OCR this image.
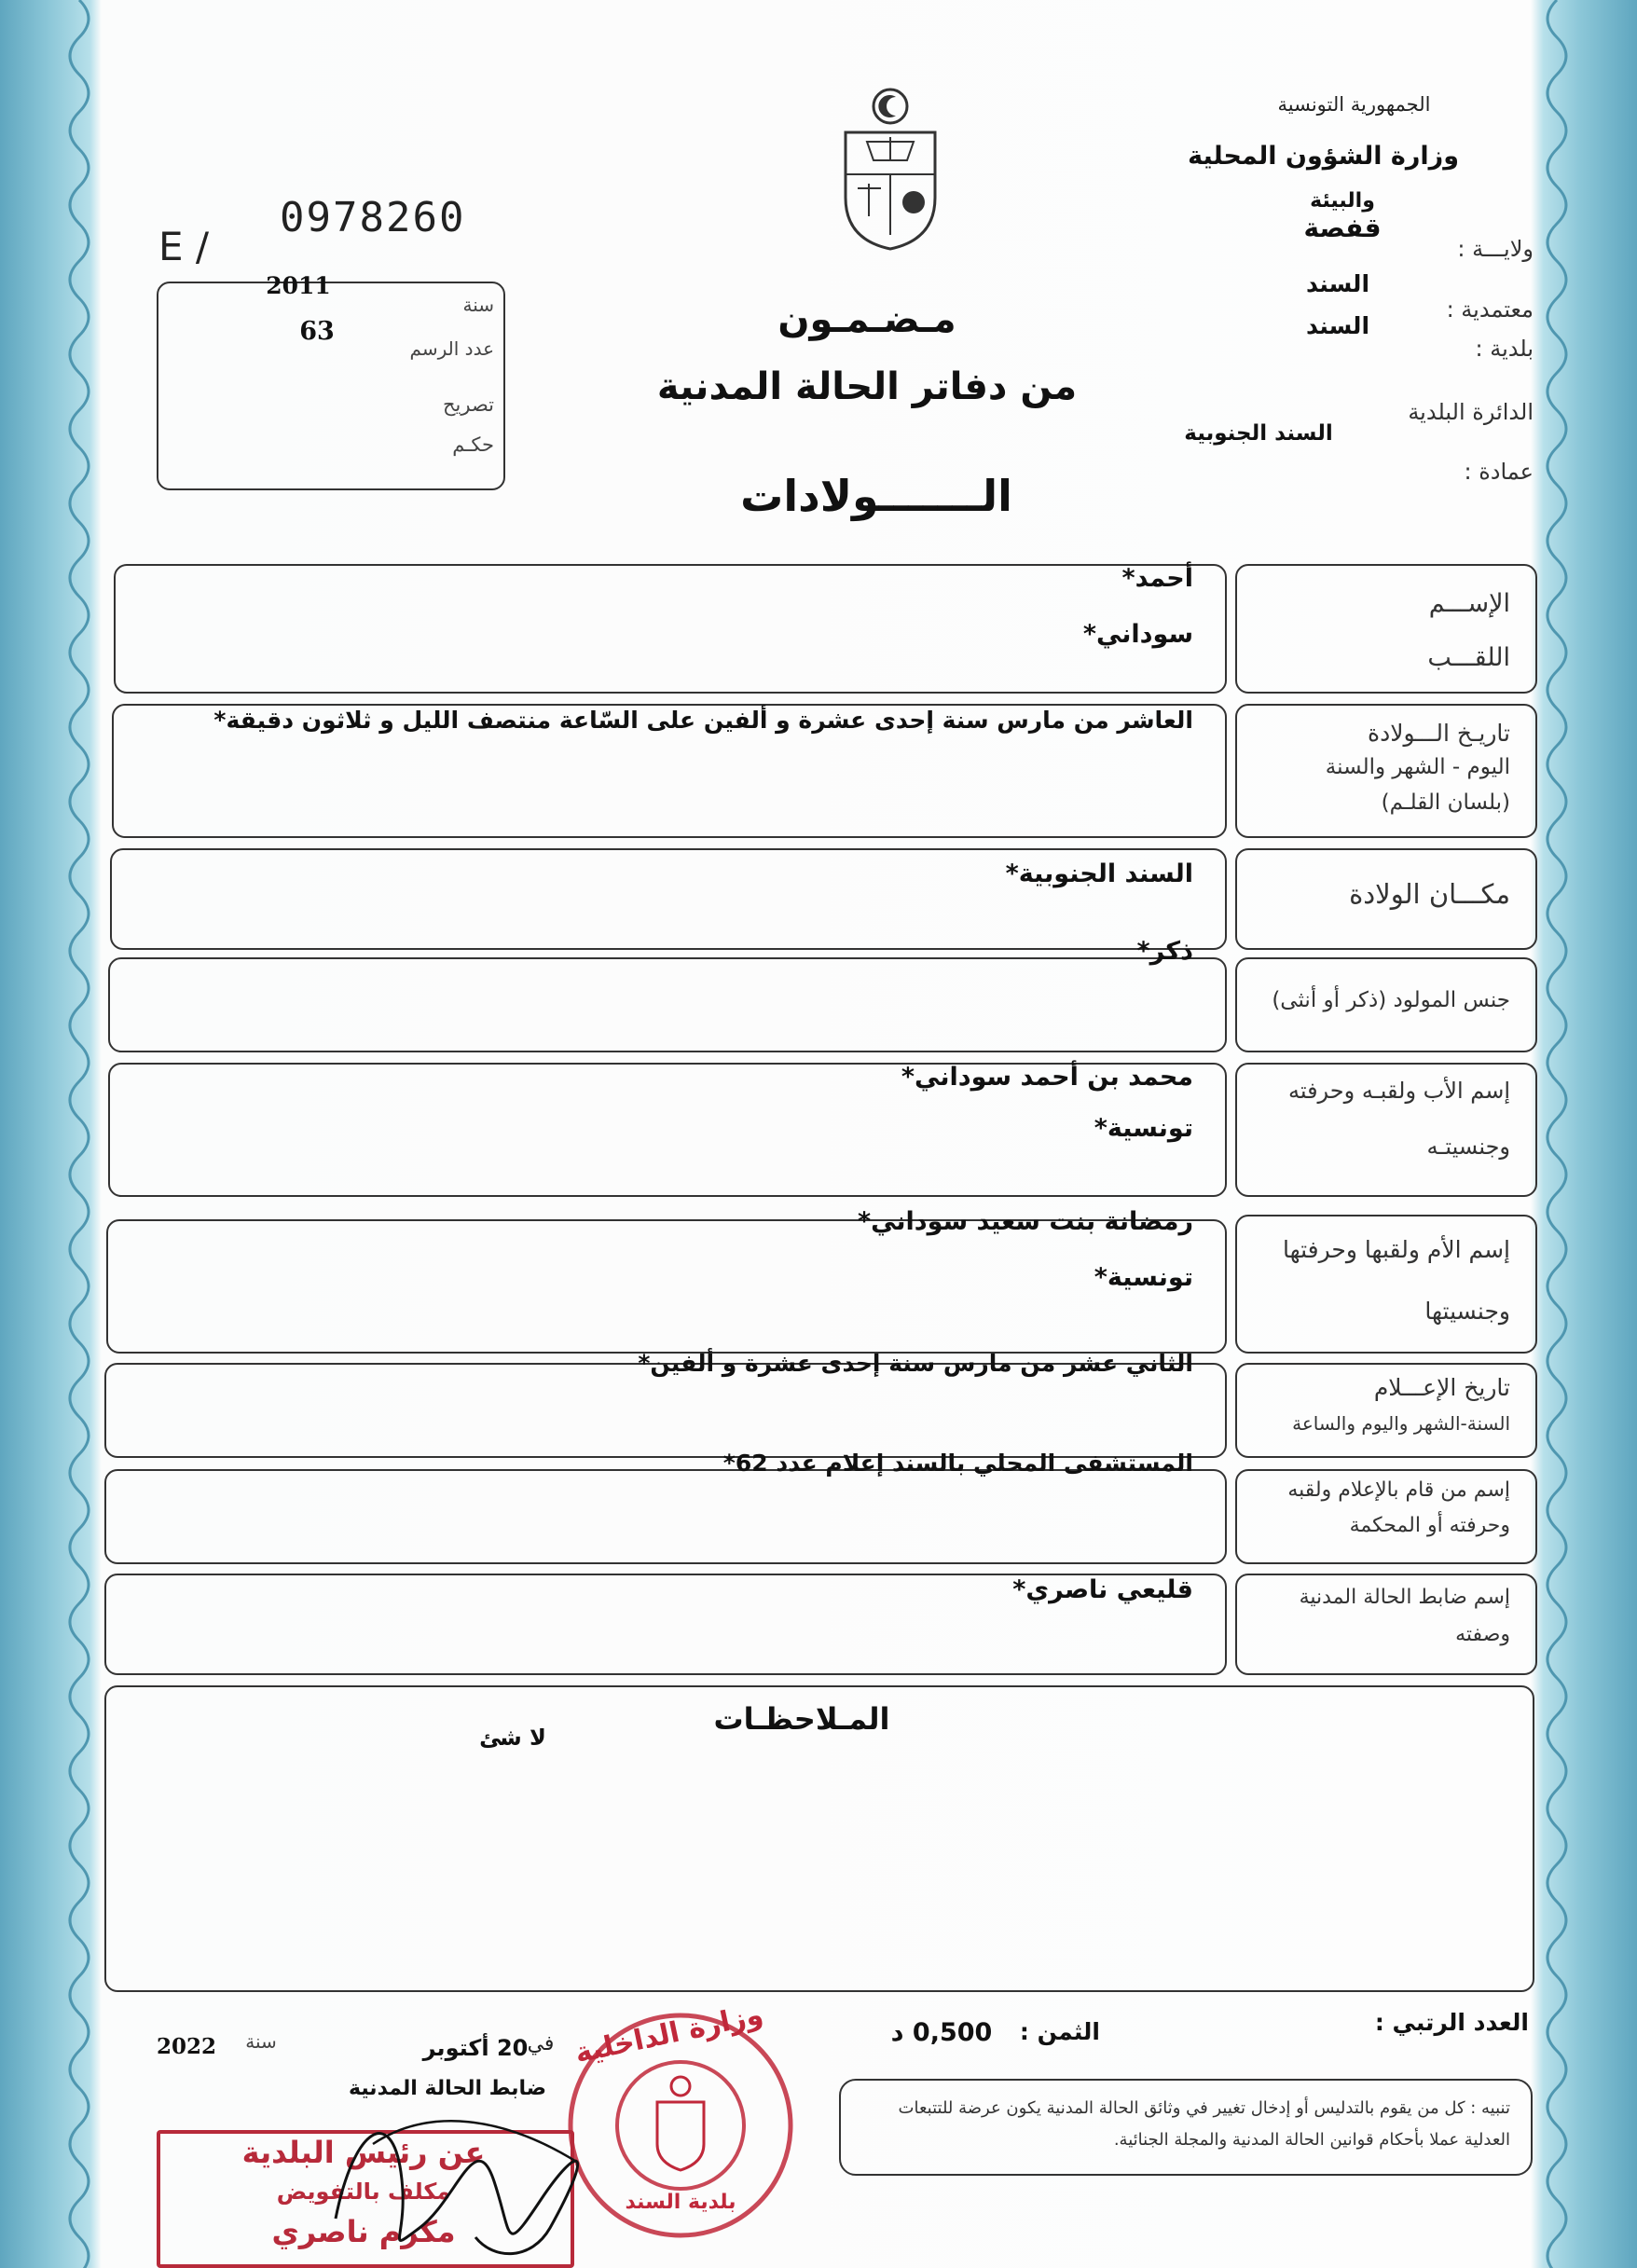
الجمهورية التونسية
وزارة الشؤون المحلية
والبيئة
ولايـــة :
قفصة
معتمدية :
السند
بلدية :
السند
الدائرة البلدية
السند الجنوبية
عمادة :
E /
0978260
2011
سنة
63
عدد الرسم
تصريح
حكـم
مـضـمـون
من دفاتر الحالة المدنية
الـــــــولادات
الإســـم
اللقـــب
أحمد*
سوداني*
تاريـخ الـــولادة
اليوم - الشهر والسنة
(بلسان القلـم)
العاشر من مارس سنة إحدى عشرة و ألفين على السّاعة منتصف الليل و ثلاثون دقيقة*
مكـــان الولادة
السند الجنوبية*
جنس المولود (ذكر أو أنثى)
ذكر*
إسم الأب ولقبـه وحرفته
وجنسيتـه
محمد بن أحمد سوداني*
تونسية*
إسم الأم ولقبها وحرفتها
وجنسيتها
رمضانة بنت سعيد سوداني*
تونسية*
تاريخ الإعـــلام
السنة-الشهر واليوم والساعة
الثاني عشر من مارس سنة إحدى عشرة و ألفين*
إسم من قام بالإعلام ولقبه
وحرفته أو المحكمة
المستشفى المحلي بالسند إعلام عدد 62*
إسم ضابط الحالة المدنية
وصفته
قليعي ناصري*
المـلاحظـات
لا شئ
العدد الرتبي :
الثمن :
0,500 د
20 أكتوبر في
سنة
2022
ضابط الحالة المدنية
تنبيه : كل من يقوم بالتدليس أو إدخال تغيير في وثائق الحالة المدنية يكون عرضة للتتبعات العدلية عملا بأحكام قوانين الحالة المدنية والمجلة الجنائية.
وزارة الداخلية
بلدية السند
عن رئيس البلدية
مكلف بالتفويض
مكرم ناصري
